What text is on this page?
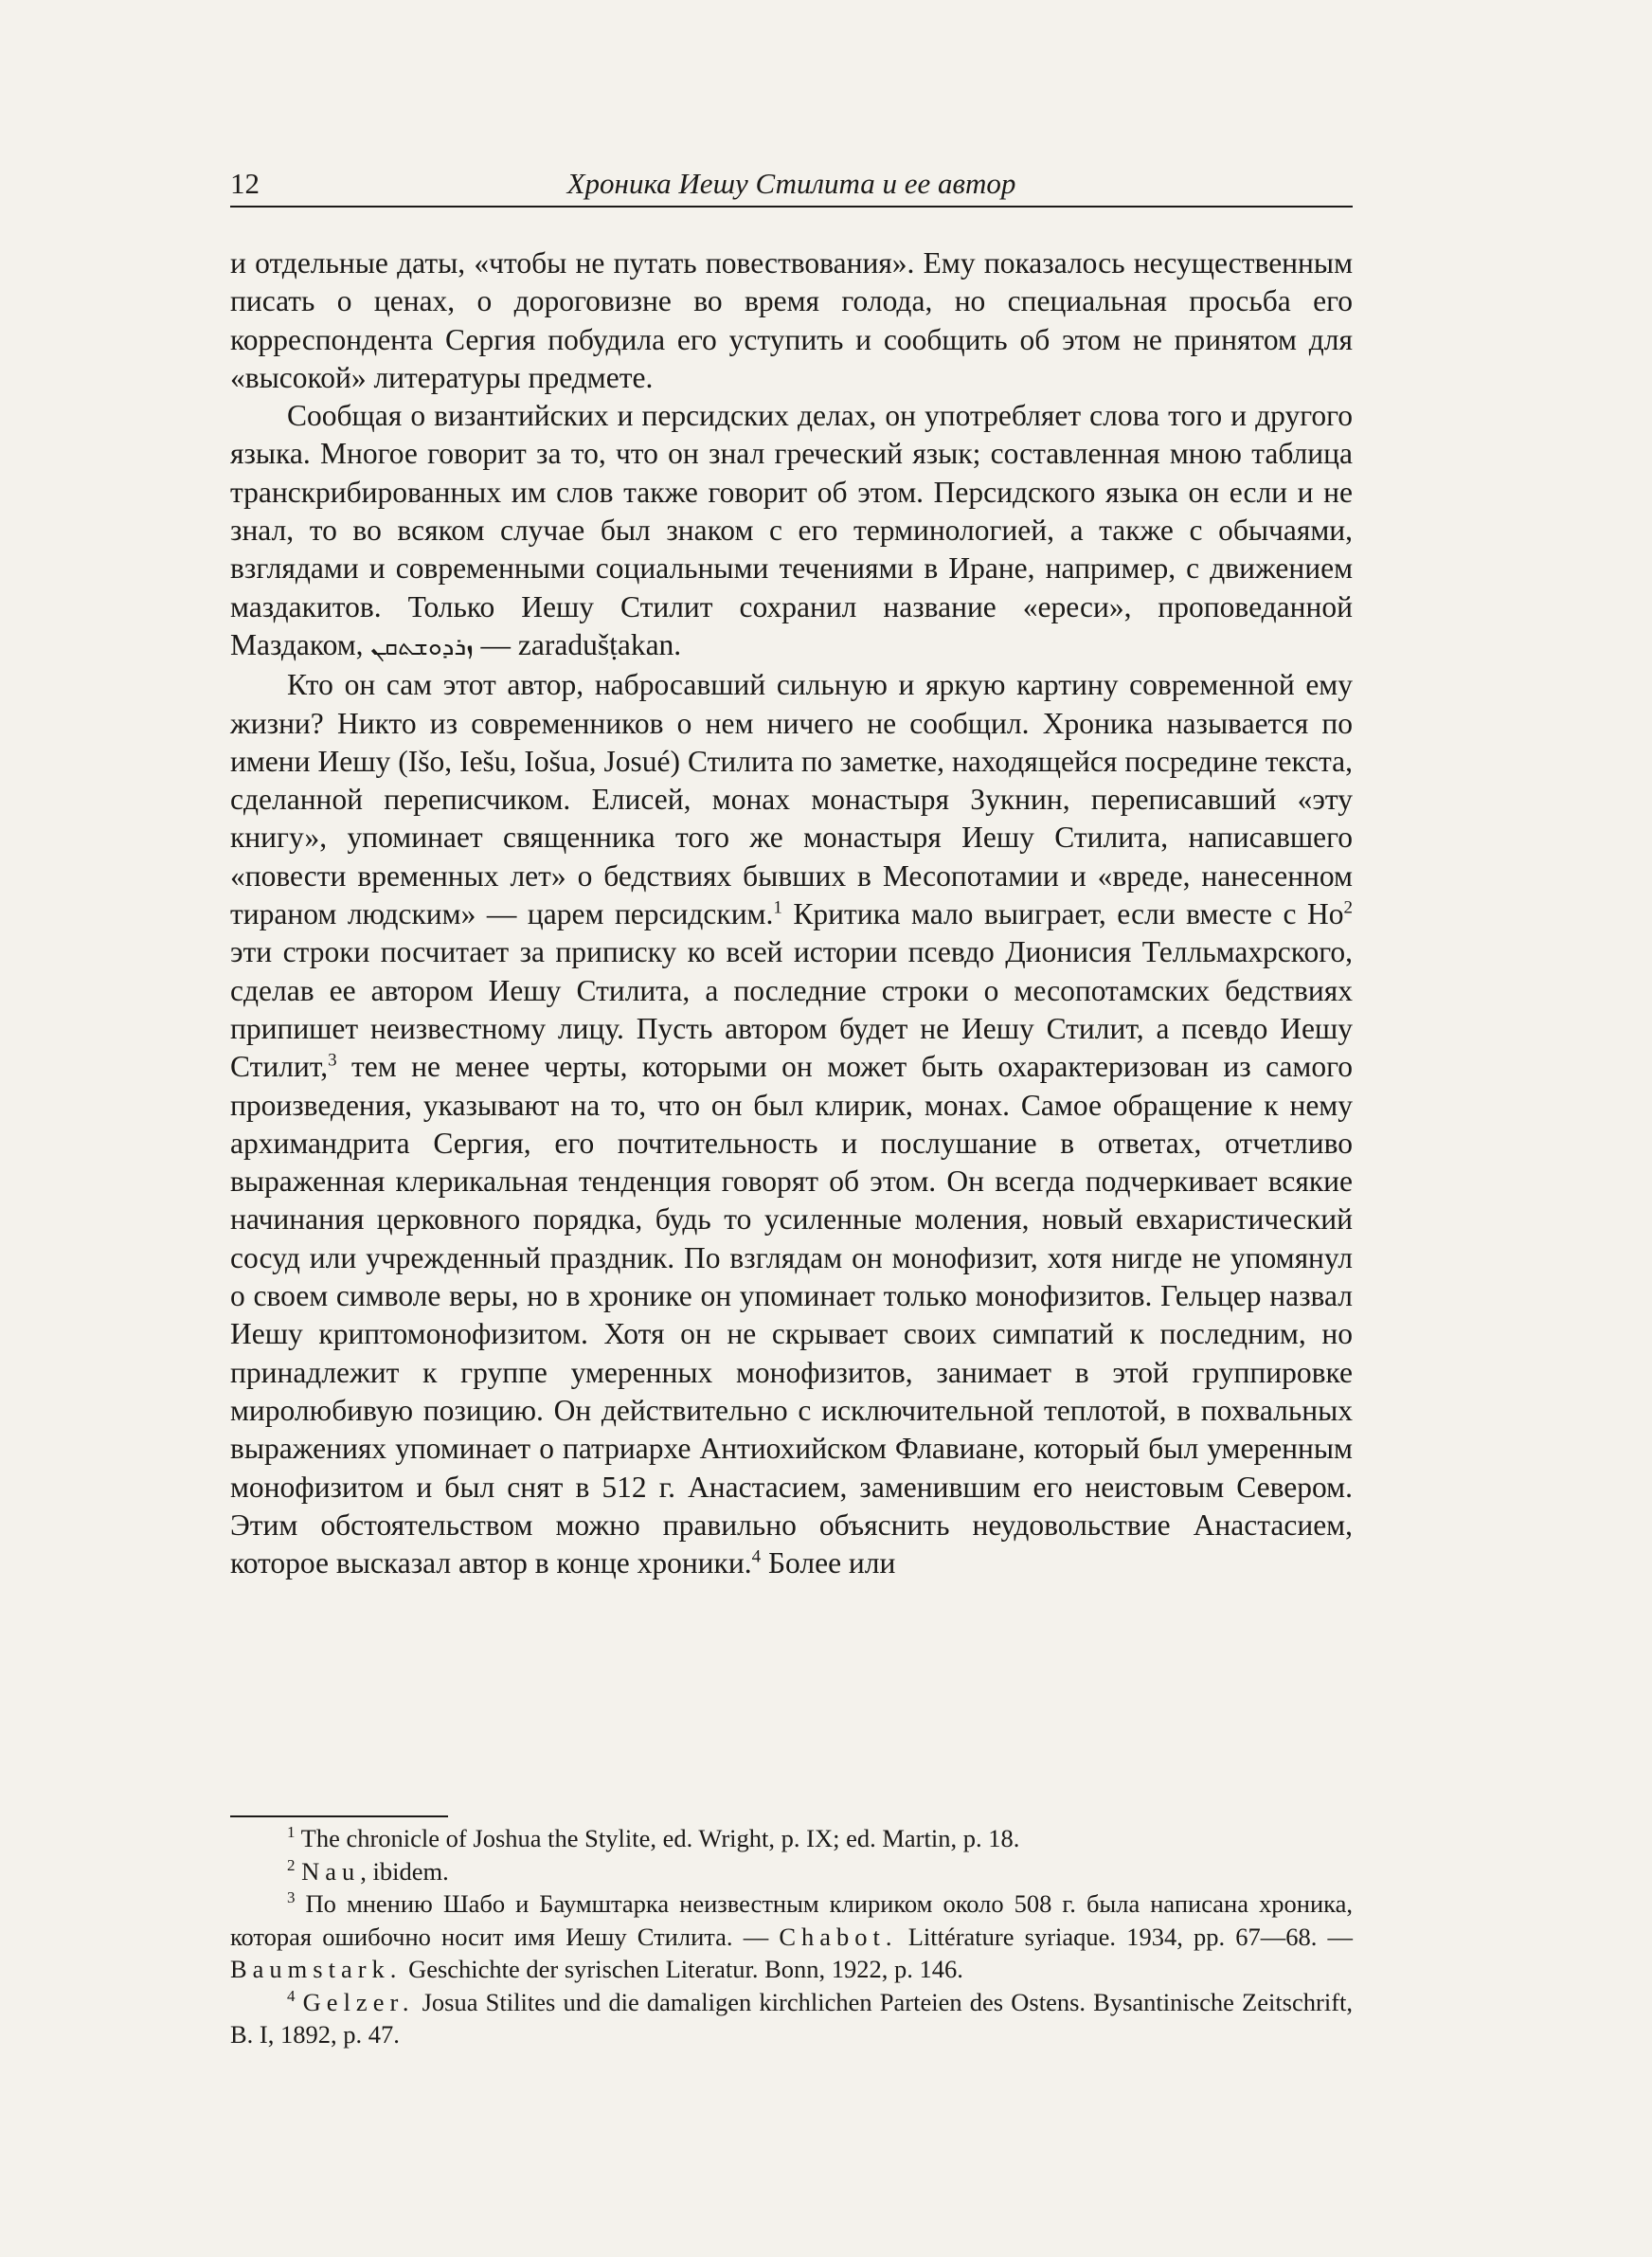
12	Хроника Иешу Стилита и ее автор

и отдельные даты, «чтобы не путать повествования». Ему показалось несущественным писать о ценах, о дороговизне во время голода, но специальная просьба его корреспондента Сергия побудила его уступить и сообщить об этом не принятом для «высокой» литературы предмете.

Сообщая о византийских и персидских делах, он употребляет слова того и другого языка. Многое говорит за то, что он знал греческий язык; составленная мною таблица транскрибированных им слов также говорит об этом. Персидского языка он если и не знал, то во всяком случае был знаком с его терминологией, а также с обычаями, взглядами и современными социальными течениями в Иране, например, с движением маздакитов. Только Иешу Стилит сохранил название «ереси», проповеданной Маздаком, ܙܪܕܘܫܬܩܢ — zaradušṭakan.

Кто он сам этот автор, набросавший сильную и яркую картину современной ему жизни? Никто из современников о нем ничего не сообщил. Хроника называется по имени Иешу (Išo, Iešu, Iošua, Josué) Стилита по заметке, находящейся посредине текста, сделанной переписчиком. Елисей, монах монастыря Зукнин, переписавший «эту книгу», упоминает священника того же монастыря Иешу Стилита, написавшего «повести временных лет» о бедствиях бывших в Месопотамии и «вреде, нанесенном тираном людским» — царем персидским.$^1$ Критика мало выиграет, если вместе с $Но^2$ эти строки посчитает за приписку ко всей истории псевдо Дионисия Телльмахрского, сделав ее автором Иешу Стилита, а последние строки о месопотамских бедствиях припишет неизвестному лицу. Пусть автором будет не Иешу Стилит, а псевдо Иешу Стилит,$^3$ тем не менее черты, которыми он может быть охарактеризован из самого произведения, указывают на то, что он был клирик, монах. Самое обращение к нему архимандрита Сергия, его почтительность и послушание в ответах, отчетливо выраженная клерикальная тенденция говорят об этом. Он всегда подчеркивает всякие начинания церковного порядка, будь то усиленные моления, новый евхаристический сосуд или учрежденный праздник. По взглядам он монофизит, хотя нигде не упомянул о своем символе веры, но в хронике он упоминает только монофизитов. Гельцер назвал Иешу криптомонофизитом. Хотя он не скрывает своих симпатий к последним, но принадлежит к группе умеренных монофизитов, занимает в этой группировке миролюбивую позицию. Он действительно с исключительной теплотой, в похвальных выражениях упоминает о патриархе Антиохийском Флавиане, который был умеренным монофизитом и был снят в 512 г. Анастасием, заменившим его неистовым Севером. Этим обстоятельством можно правильно объяснить неудовольствие Анастасием, которое высказал автор в конце хроники.$^4$ Более или

$^1$ The chronicle of Joshua the Stylite, ed. Wright, p. IX; ed. Martin, p. 18.

$^2$ Nau, ibidem.

$^3$ По мнению Шабо и Баумштарка неизвестным клириком около 508 г. была написана хроника, которая ошибочно носит имя Иешу Стилита. — Chabot. Littérature syriaque. 1934, pp. 67—68. — Baumstark. Geschichte der syrischen Literatur. Bonn, 1922, p. 146.

$^4$ Gelzer. Josua Stilites und die damaligen kirchlichen Parteien des Ostens. Bysantinische Zeitschrift, B. I, 1892, p. 47.
